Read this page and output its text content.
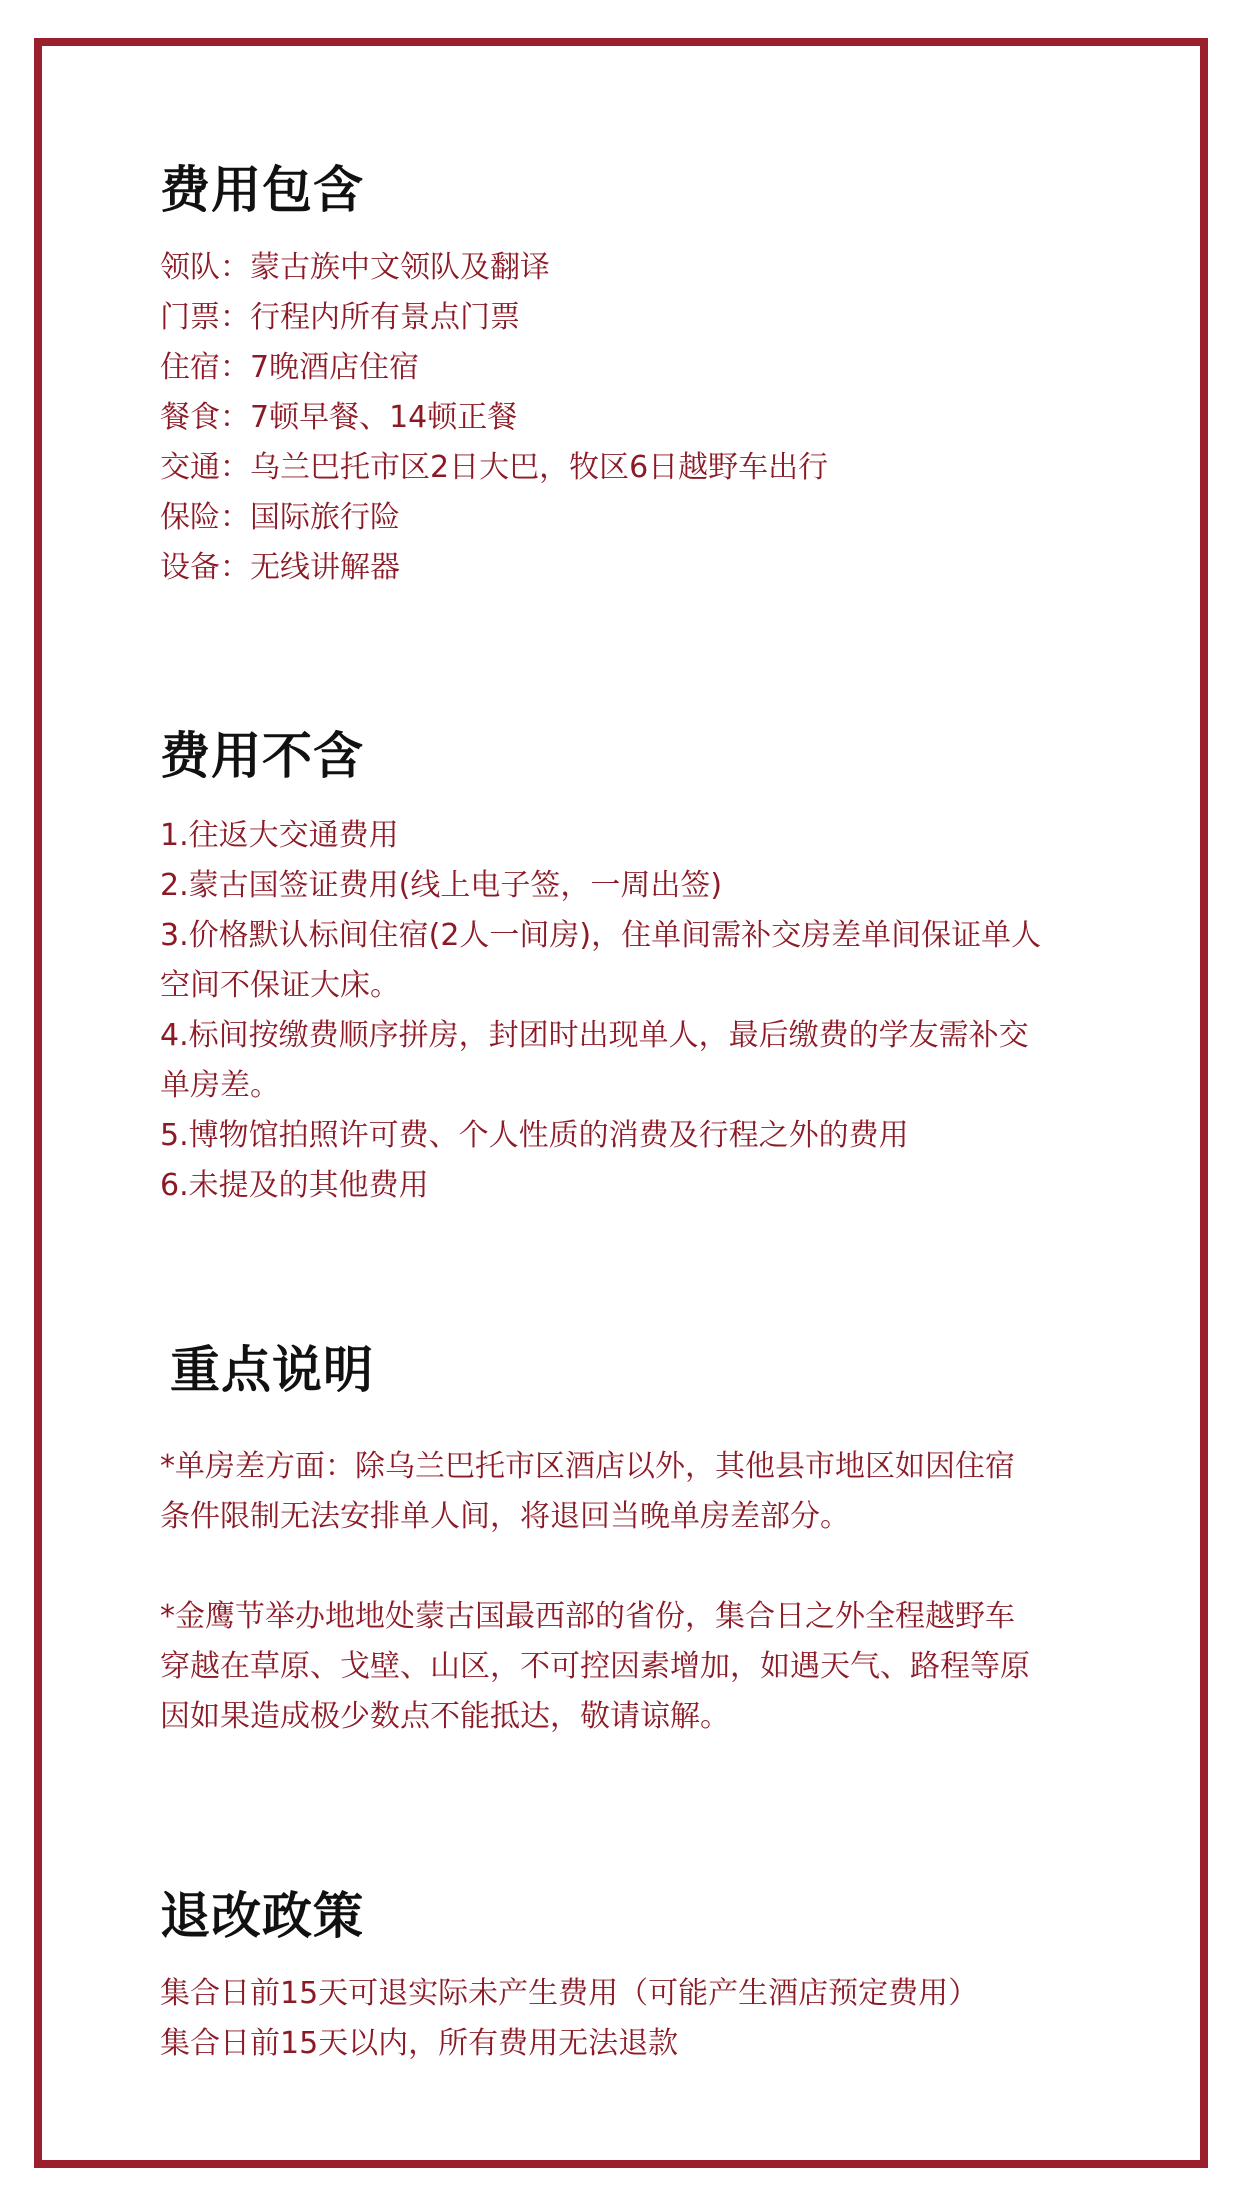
费用包含
领队：蒙古族中文领队及翻译
门票：行程内所有景点门票
住宿：7晚酒店住宿
餐食：7顿早餐、14顿正餐
交通：乌兰巴托市区2日大巴，牧区6日越野车出行
保险：国际旅行险
设备：无线讲解器
费用不含
1.往返大交通费用
2.蒙古国签证费用(线上电子签，一周出签)
3.价格默认标间住宿(2人一间房)，住单间需补交房差单间保证单人空间不保证大床。
4.标间按缴费顺序拼房，封团时出现单人，最后缴费的学友需补交单房差。
5.博物馆拍照许可费、个人性质的消费及行程之外的费用
6.未提及的其他费用
重点说明

*单房差方面：除乌兰巴托市区酒店以外，其他县市地区如因住宿条件限制无法安排单人间，将退回当晚单房差部分。

*金鹰节举办地地处蒙古国最西部的省份，集合日之外全程越野车穿越在草原、戈壁、山区，不可控因素增加，如遇天气、路程等原因如果造成极少数点不能抵达，敬请谅解。

退改政策
集合日前15天可退实际未产生费用（可能产生酒店预定费用）
集合日前15天以内，所有费用无法退款
